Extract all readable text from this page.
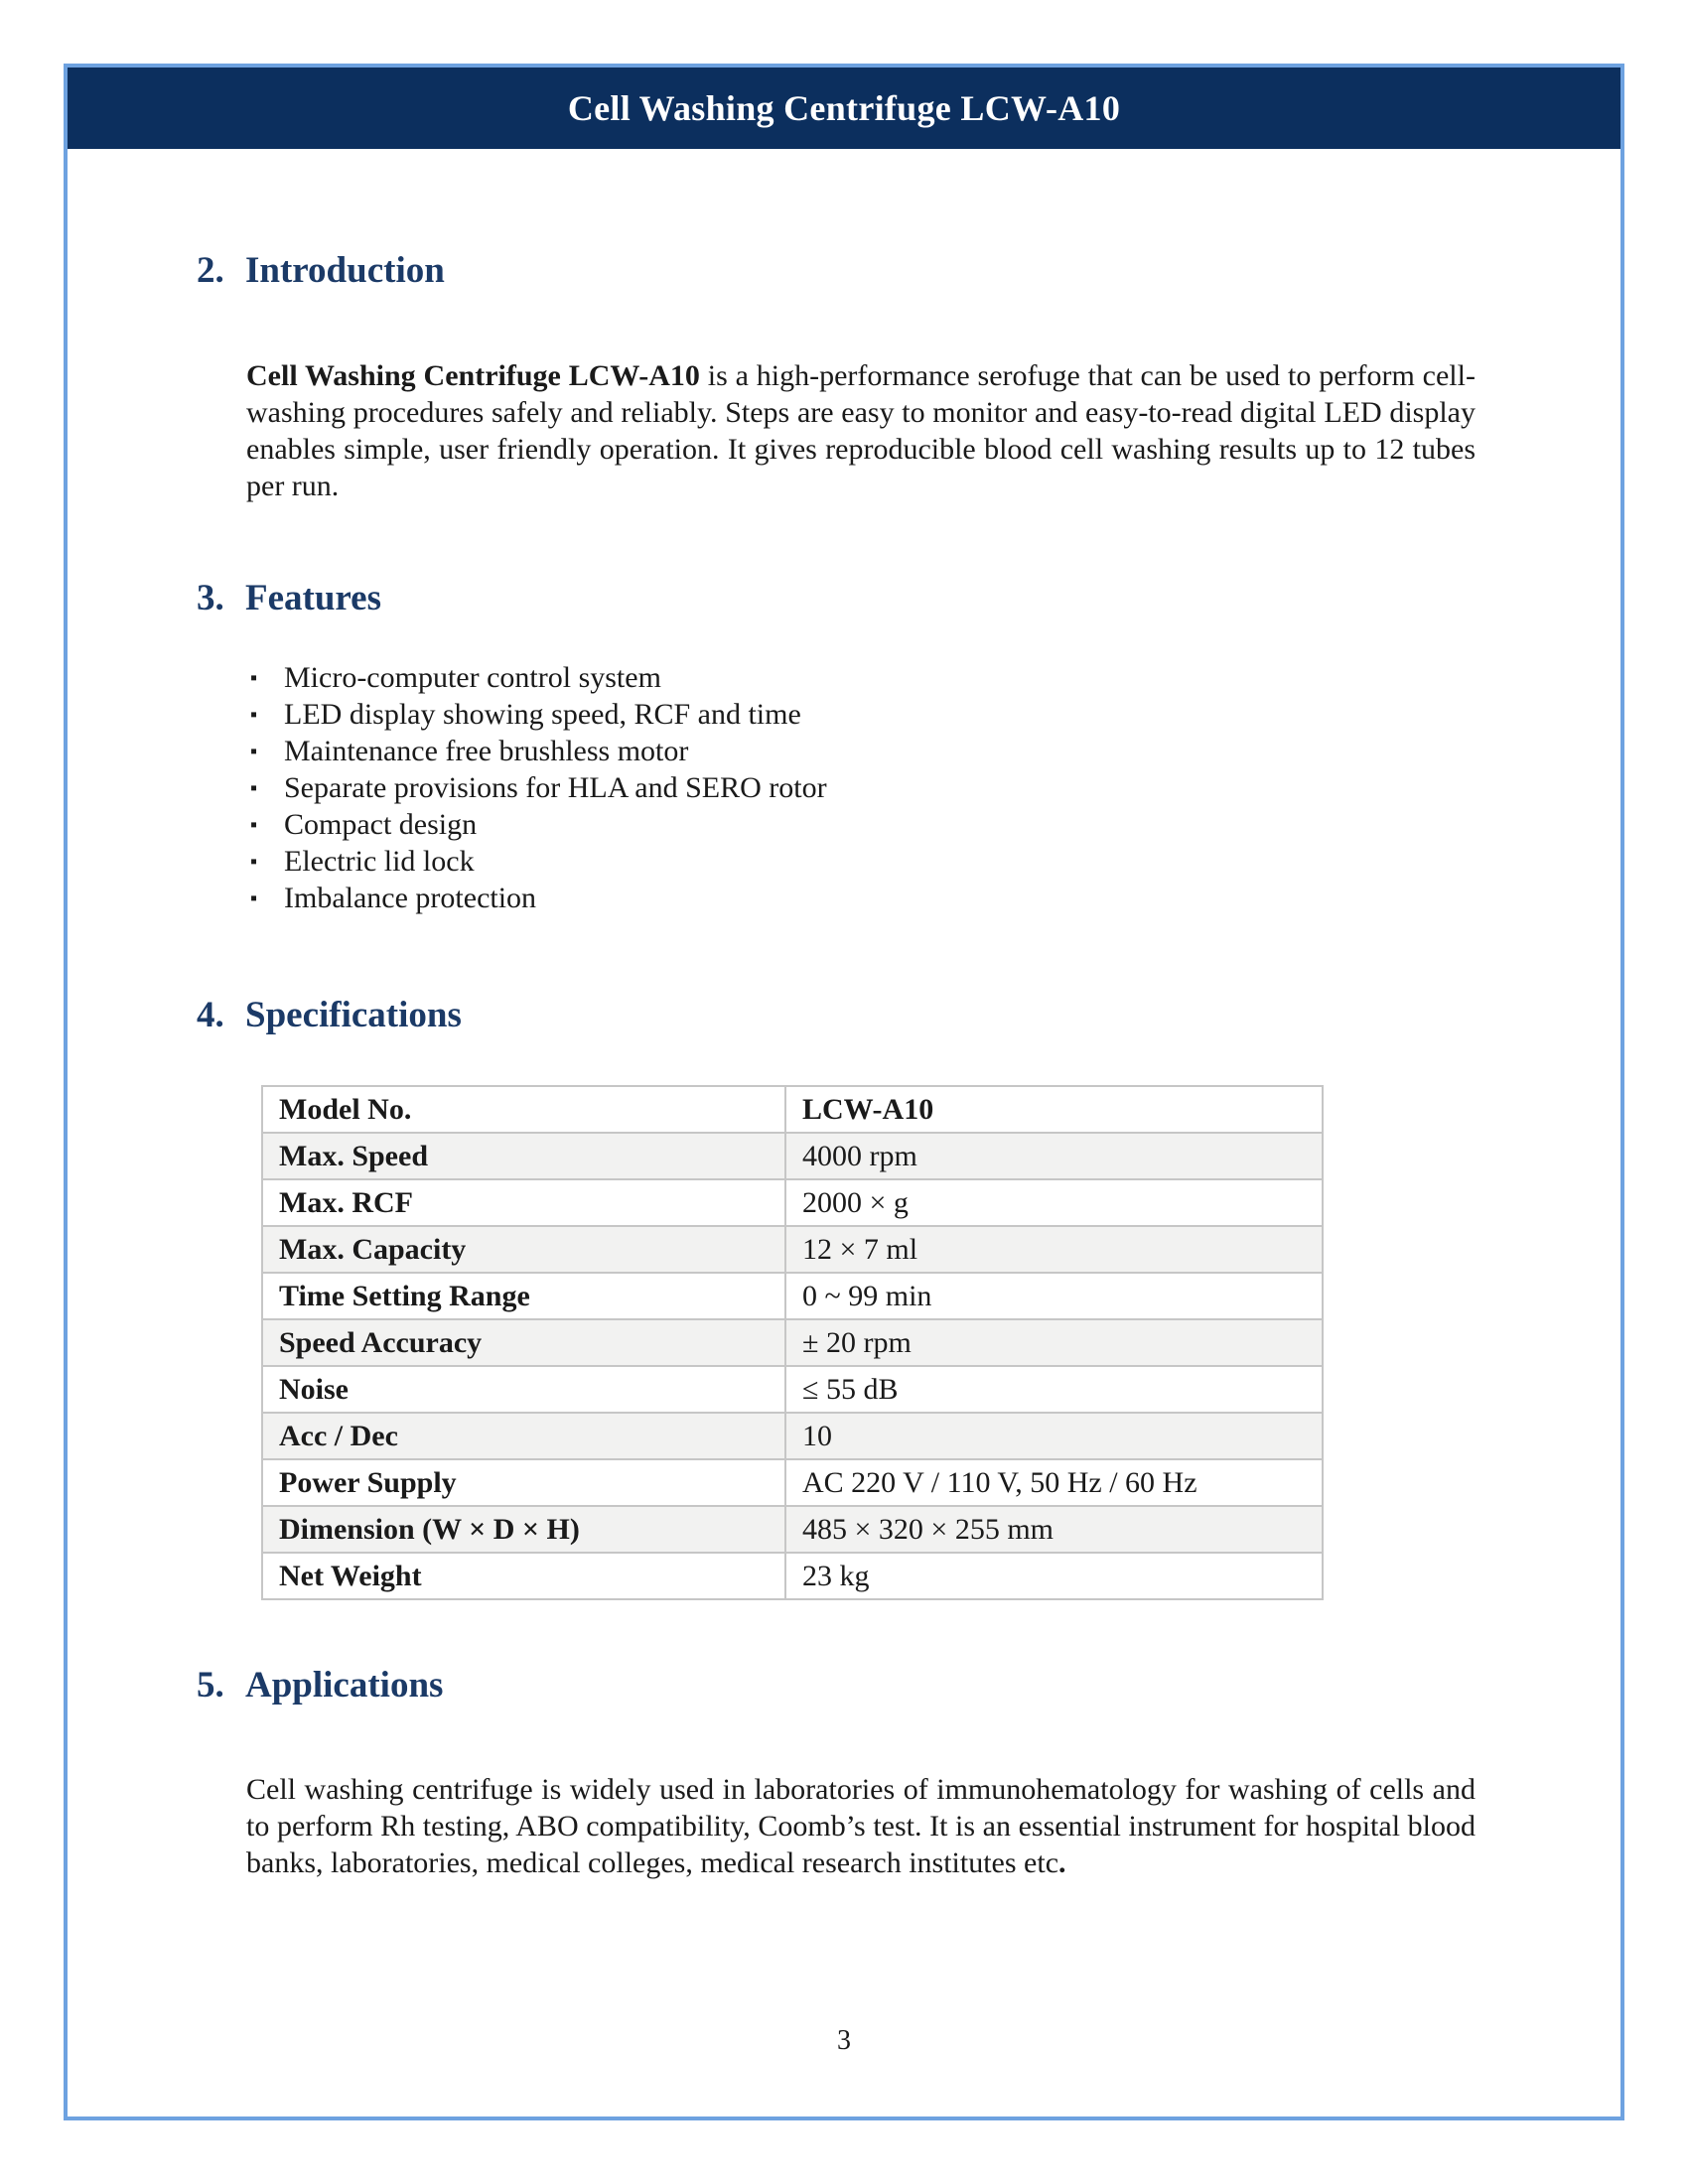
Cell Washing Centrifuge LCW-A10
2. Introduction

Cell Washing Centrifuge LCW-A10 is a high-performance serofuge that can be used to perform cell-washing procedures safely and reliably. Steps are easy to monitor and easy-to-read digital LED display enables simple, user friendly operation. It gives reproducible blood cell washing results up to 12 tubes per run.

3. Features
▪ Micro-computer control system
▪ LED display showing speed, RCF and time
▪ Maintenance free brushless motor
▪ Separate provisions for HLA and SERO rotor
▪ Compact design
▪ Electric lid lock
▪ Imbalance protection
4. Specifications
Model No.	LCW-A10
Max. Speed	4000 rpm
Max. RCF	2000 × g
Max. Capacity	12 × 7 ml
Time Setting Range	0 ~ 99 min
Speed Accuracy	± 20 rpm
Noise	≤ 55 dB
Acc / Dec	10
Power Supply	AC 220 V / 110 V, 50 Hz / 60 Hz
Dimension (W × D × H)	485 × 320 × 255 mm
Net Weight	23 kg
5. Applications

Cell washing centrifuge is widely used in laboratories of immunohematology for washing of cells and to perform Rh testing, ABO compatibility, Coomb’s test. It is an essential instrument for hospital blood banks, laboratories, medical colleges, medical research institutes etc.

3
